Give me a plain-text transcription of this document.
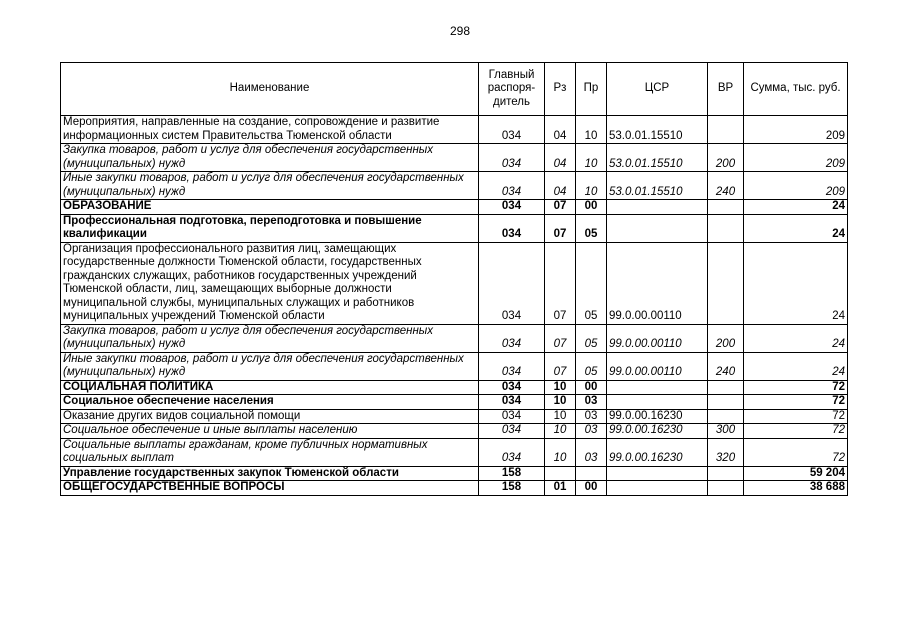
298
Наименование	Главный распоря-дитель	Рз	Пр	ЦСР	ВР	Сумма, тыс. руб.
Мероприятия, направленные на создание, сопровождение и развитие информационных систем Правительства Тюменской области	034	04	10	53.0.01.15510		209
Закупка товаров, работ и услуг для обеспечения государственных (муниципальных) нужд	034	04	10	53.0.01.15510	200	209
Иные закупки товаров, работ и услуг для обеспечения государственных (муниципальных) нужд	034	04	10	53.0.01.15510	240	209
ОБРАЗОВАНИЕ	034	07	00			24
Профессиональная подготовка, переподготовка и повышение квалификации	034	07	05			24
Организация профессионального развития лиц, замещающих государственные должности Тюменской области, государственных гражданских служащих, работников государственных учреждений Тюменской области, лиц, замещающих выборные должности муниципальной службы, муниципальных служащих и работников муниципальных учреждений Тюменской области	034	07	05	99.0.00.00110		24
Закупка товаров, работ и услуг для обеспечения государственных (муниципальных) нужд	034	07	05	99.0.00.00110	200	24
Иные закупки товаров, работ и услуг для обеспечения государственных (муниципальных) нужд	034	07	05	99.0.00.00110	240	24
СОЦИАЛЬНАЯ ПОЛИТИКА	034	10	00			72
Социальное обеспечение населения	034	10	03			72
Оказание других видов социальной помощи	034	10	03	99.0.00.16230		72
Социальное обеспечение и иные выплаты населению	034	10	03	99.0.00.16230	300	72
Социальные выплаты гражданам, кроме публичных нормативных социальных выплат	034	10	03	99.0.00.16230	320	72
Управление государственных закупок Тюменской области	158					59 204
ОБЩЕГОСУДАРСТВЕННЫЕ ВОПРОСЫ	158	01	00			38 688
